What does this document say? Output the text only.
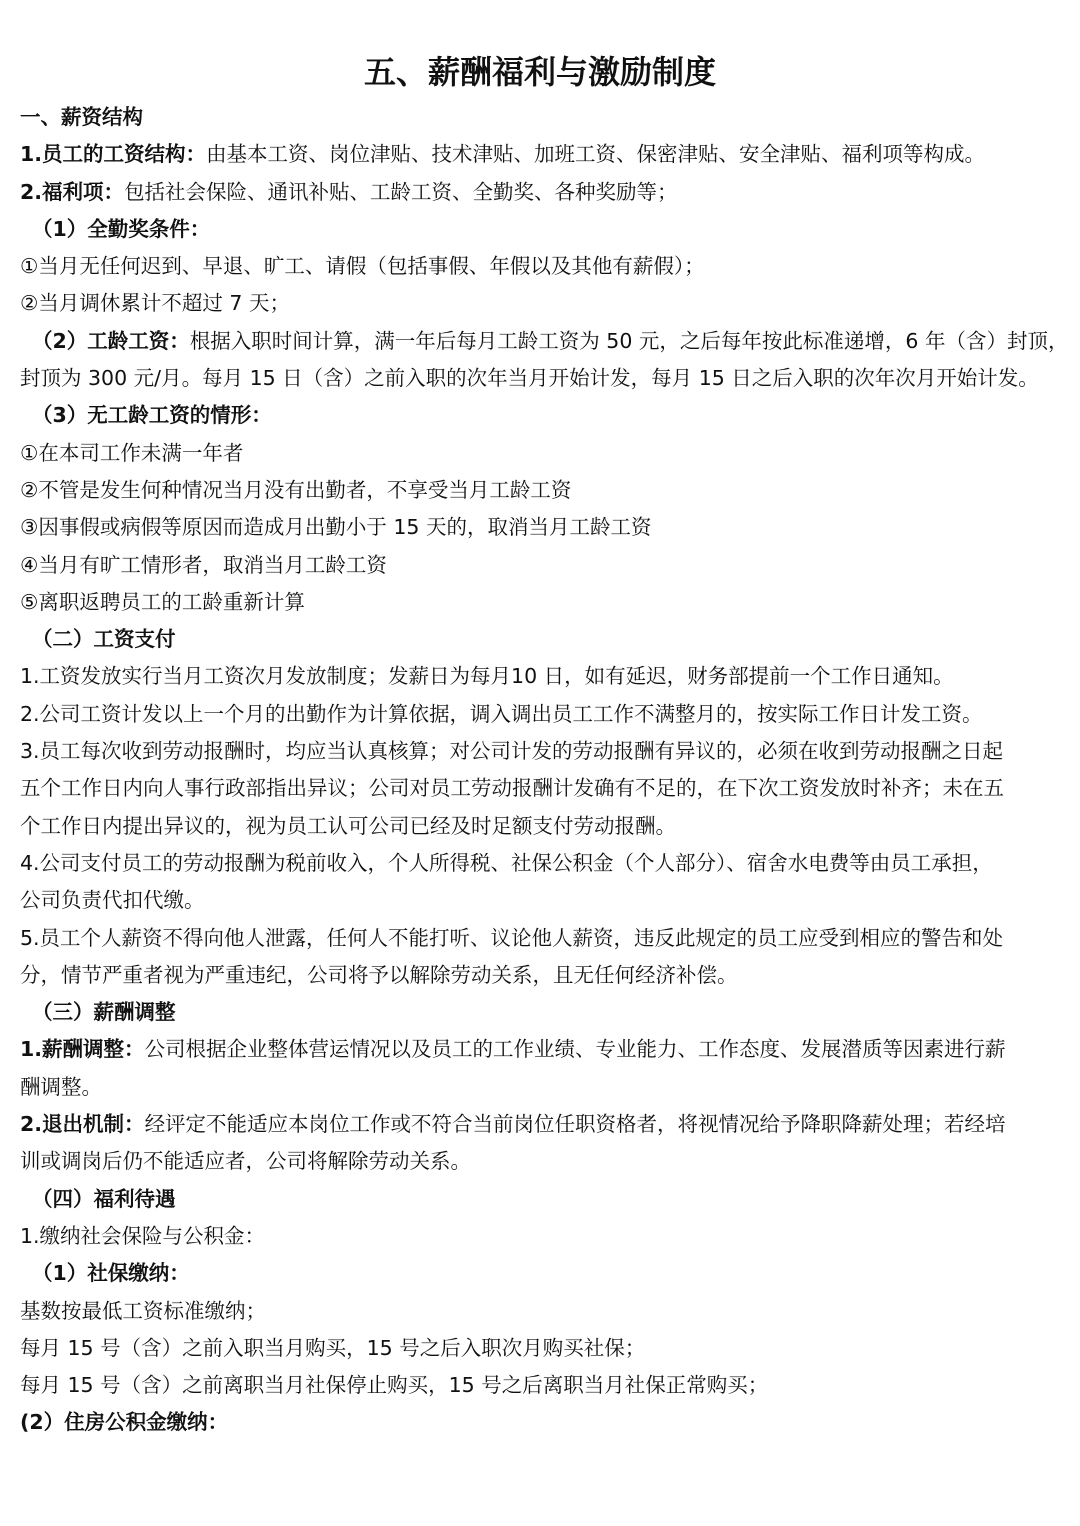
五、薪酬福利与激励制度
一、薪资结构
1.员工的工资结构：由基本工资、岗位津贴、技术津贴、加班工资、保密津贴、安全津贴、福利项等构成。
2.福利项：包括社会保险、通讯补贴、工龄工资、全勤奖、各种奖励等；
（1）全勤奖条件：
①当月无任何迟到、早退、旷工、请假（包括事假、年假以及其他有薪假）；
②当月调休累计不超过 7 天；
（2）工龄工资：根据入职时间计算，满一年后每月工龄工资为 50 元，之后每年按此标准递增，6 年（含）封顶，
封顶为 300 元/月。每月 15 日（含）之前入职的次年当月开始计发，每月 15 日之后入职的次年次月开始计发。
（3）无工龄工资的情形：
①在本司工作未满一年者
②不管是发生何种情况当月没有出勤者，不享受当月工龄工资
③因事假或病假等原因而造成月出勤小于 15 天的，取消当月工龄工资
④当月有旷工情形者，取消当月工龄工资
⑤离职返聘员工的工龄重新计算
（二）工资支付
1.工资发放实行当月工资次月发放制度；发薪日为每月10 日，如有延迟，财务部提前一个工作日通知。
2.公司工资计发以上一个月的出勤作为计算依据，调入调出员工工作不满整月的，按实际工作日计发工资。
3.员工每次收到劳动报酬时，均应当认真核算；对公司计发的劳动报酬有异议的，必须在收到劳动报酬之日起
五个工作日内向人事行政部指出异议；公司对员工劳动报酬计发确有不足的，在下次工资发放时补齐；未在五
个工作日内提出异议的，视为员工认可公司已经及时足额支付劳动报酬。
4.公司支付员工的劳动报酬为税前收入，个人所得税、社保公积金（个人部分）、宿舍水电费等由员工承担，
公司负责代扣代缴。
5.员工个人薪资不得向他人泄露，任何人不能打听、议论他人薪资，违反此规定的员工应受到相应的警告和处
分，情节严重者视为严重违纪，公司将予以解除劳动关系，且无任何经济补偿。
（三）薪酬调整
1.薪酬调整：公司根据企业整体营运情况以及员工的工作业绩、专业能力、工作态度、发展潜质等因素进行薪
酬调整。
2.退出机制：经评定不能适应本岗位工作或不符合当前岗位任职资格者，将视情况给予降职降薪处理；若经培
训或调岗后仍不能适应者，公司将解除劳动关系。
（四）福利待遇
1.缴纳社会保险与公积金：
（1）社保缴纳：
基数按最低工资标准缴纳；
每月 15 号（含）之前入职当月购买，15 号之后入职次月购买社保；
每月 15 号（含）之前离职当月社保停止购买，15 号之后离职当月社保正常购买；
(2）住房公积金缴纳：
